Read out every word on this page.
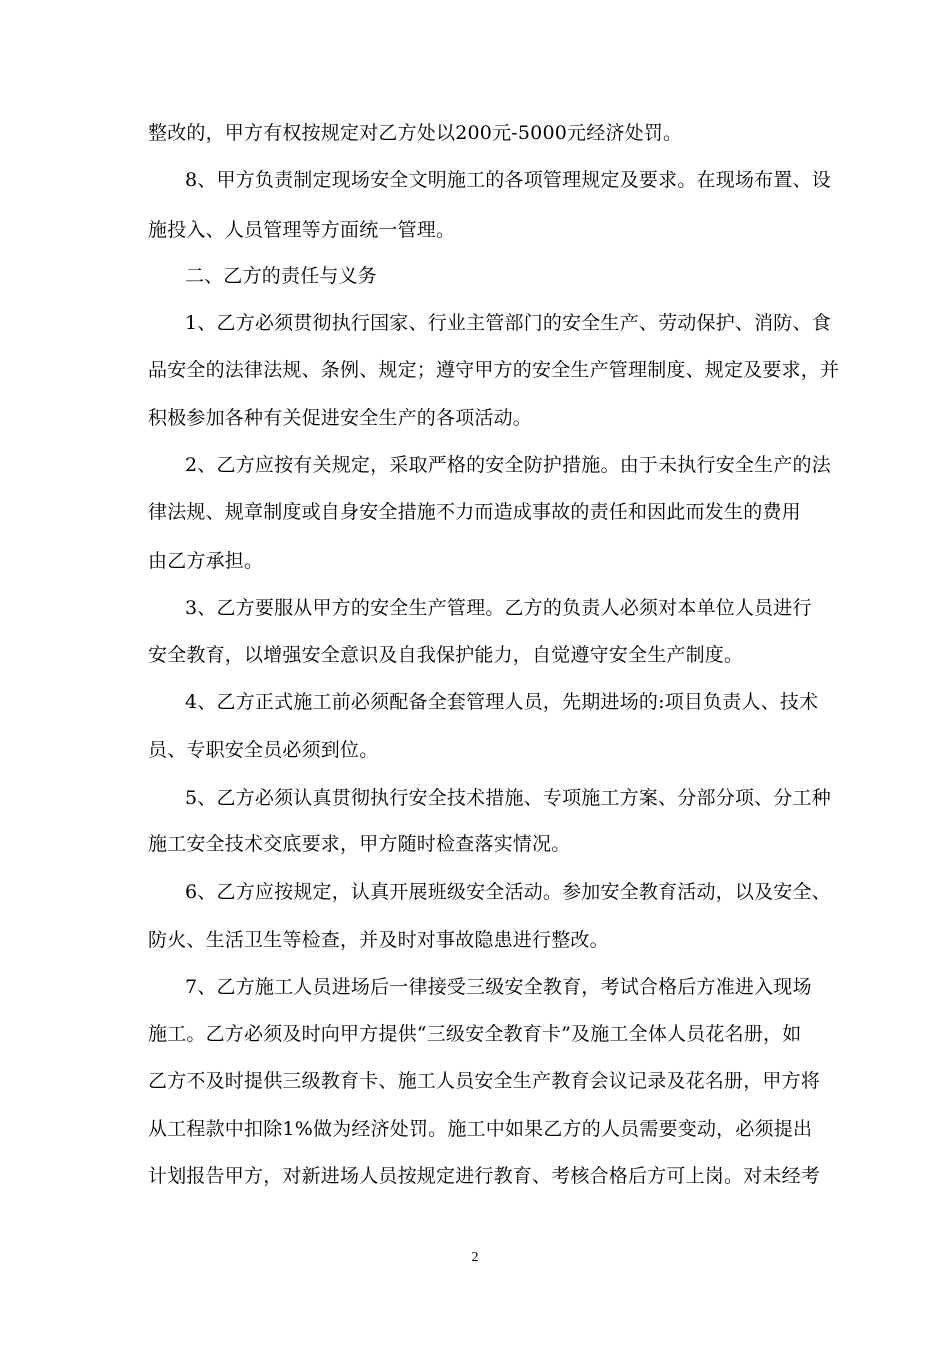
整改的，甲方有权按规定对乙方处以200元-5000元经济处罚。
8、甲方负责制定现场安全文明施工的各项管理规定及要求。在现场布置、设
施投入、人员管理等方面统一管理。
二、乙方的责任与义务
1、乙方必须贯彻执行国家、行业主管部门的安全生产、劳动保护、消防、食
品安全的法律法规、条例、规定；遵守甲方的安全生产管理制度、规定及要求，并
积极参加各种有关促进安全生产的各项活动。
2、乙方应按有关规定，采取严格的安全防护措施。由于未执行安全生产的法
律法规、规章制度或自身安全措施不力而造成事故的责任和因此而发生的费用
由乙方承担。
3、乙方要服从甲方的安全生产管理。乙方的负责人必须对本单位人员进行
安全教育，以增强安全意识及自我保护能力，自觉遵守安全生产制度。
4、乙方正式施工前必须配备全套管理人员，先期进场的:项目负责人、技术
员、专职安全员必须到位。
5、乙方必须认真贯彻执行安全技术措施、专项施工方案、分部分项、分工种
施工安全技术交底要求，甲方随时检查落实情况。
6、乙方应按规定，认真开展班级安全活动。参加安全教育活动，以及安全、
防火、生活卫生等检查，并及时对事故隐患进行整改。
7、乙方施工人员进场后一律接受三级安全教育，考试合格后方准进入现场
施工。乙方必须及时向甲方提供“三级安全教育卡”及施工全体人员花名册，如
乙方不及时提供三级教育卡、施工人员安全生产教育会议记录及花名册，甲方将
从工程款中扣除1%做为经济处罚。施工中如果乙方的人员需要变动，必须提出
计划报告甲方，对新进场人员按规定进行教育、考核合格后方可上岗。对未经考
2
